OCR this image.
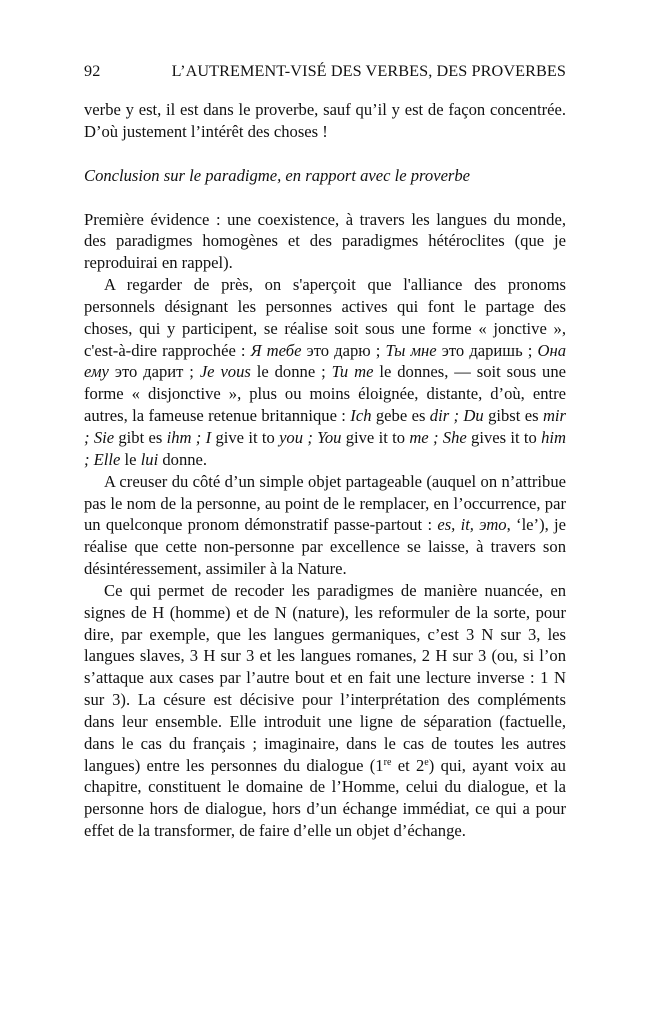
92	L’AUTREMENT-VISÉ DES VERBES, DES PROVERBES

verbe y est, il est dans le proverbe, sauf qu’il y est de façon concentrée. D’où justement l’intérêt des choses !

Conclusion sur le paradigme, en rapport avec le proverbe

Première évidence : une coexistence, à travers les langues du monde, des paradigmes homogènes et des paradigmes hétéroclites (que je reproduirai en rappel).

A regarder de près, on s'aperçoit que l'alliance des pronoms personnels désignant les personnes actives qui font le partage des choses, qui y participent, se réalise soit sous une forme « jonctive », c'est-à-dire rapprochée : Я тебе это дарю ; Ты мне это даришь ; Она ему это дарит ; Je vous le donne ; Tu me le donnes, — soit sous une forme « disjonctive », plus ou moins éloignée, distante, d’où, entre autres, la fameuse retenue britannique : Ich gebe es dir ; Du gibst es mir ; Sie gibt es ihm ; I give it to you ; You give it to me ; She gives it to him ; Elle le lui donne.

A creuser du côté d’un simple objet partageable (auquel on n’attribue pas le nom de la personne, au point de le remplacer, en l’occurrence, par un quelconque pronom démonstratif passe-partout : es, it, это, ‘le’), je réalise que cette non-personne par excellence se laisse, à travers son désintéressement, assimiler à la Nature.

Ce qui permet de recoder les paradigmes de manière nuancée, en signes de H (homme) et de N (nature), les reformuler de la sorte, pour dire, par exemple, que les langues germaniques, c’est 3 N sur 3, les langues slaves, 3 H sur 3 et les langues romanes, 2 H sur 3 (ou, si l’on s’attaque aux cases par l’autre bout et en fait une lecture inverse : 1 N sur 3). La césure est décisive pour l’interprétation des compléments dans leur ensemble. Elle introduit une ligne de séparation (factuelle, dans le cas du français ; imaginaire, dans le cas de toutes les autres langues) entre les personnes du dialogue (1re et 2e) qui, ayant voix au chapitre, constituent le domaine de l’Homme, celui du dialogue, et la personne hors de dialogue, hors d’un échange immédiat, ce qui a pour effet de la transformer, de faire d’elle un objet d’échange.
